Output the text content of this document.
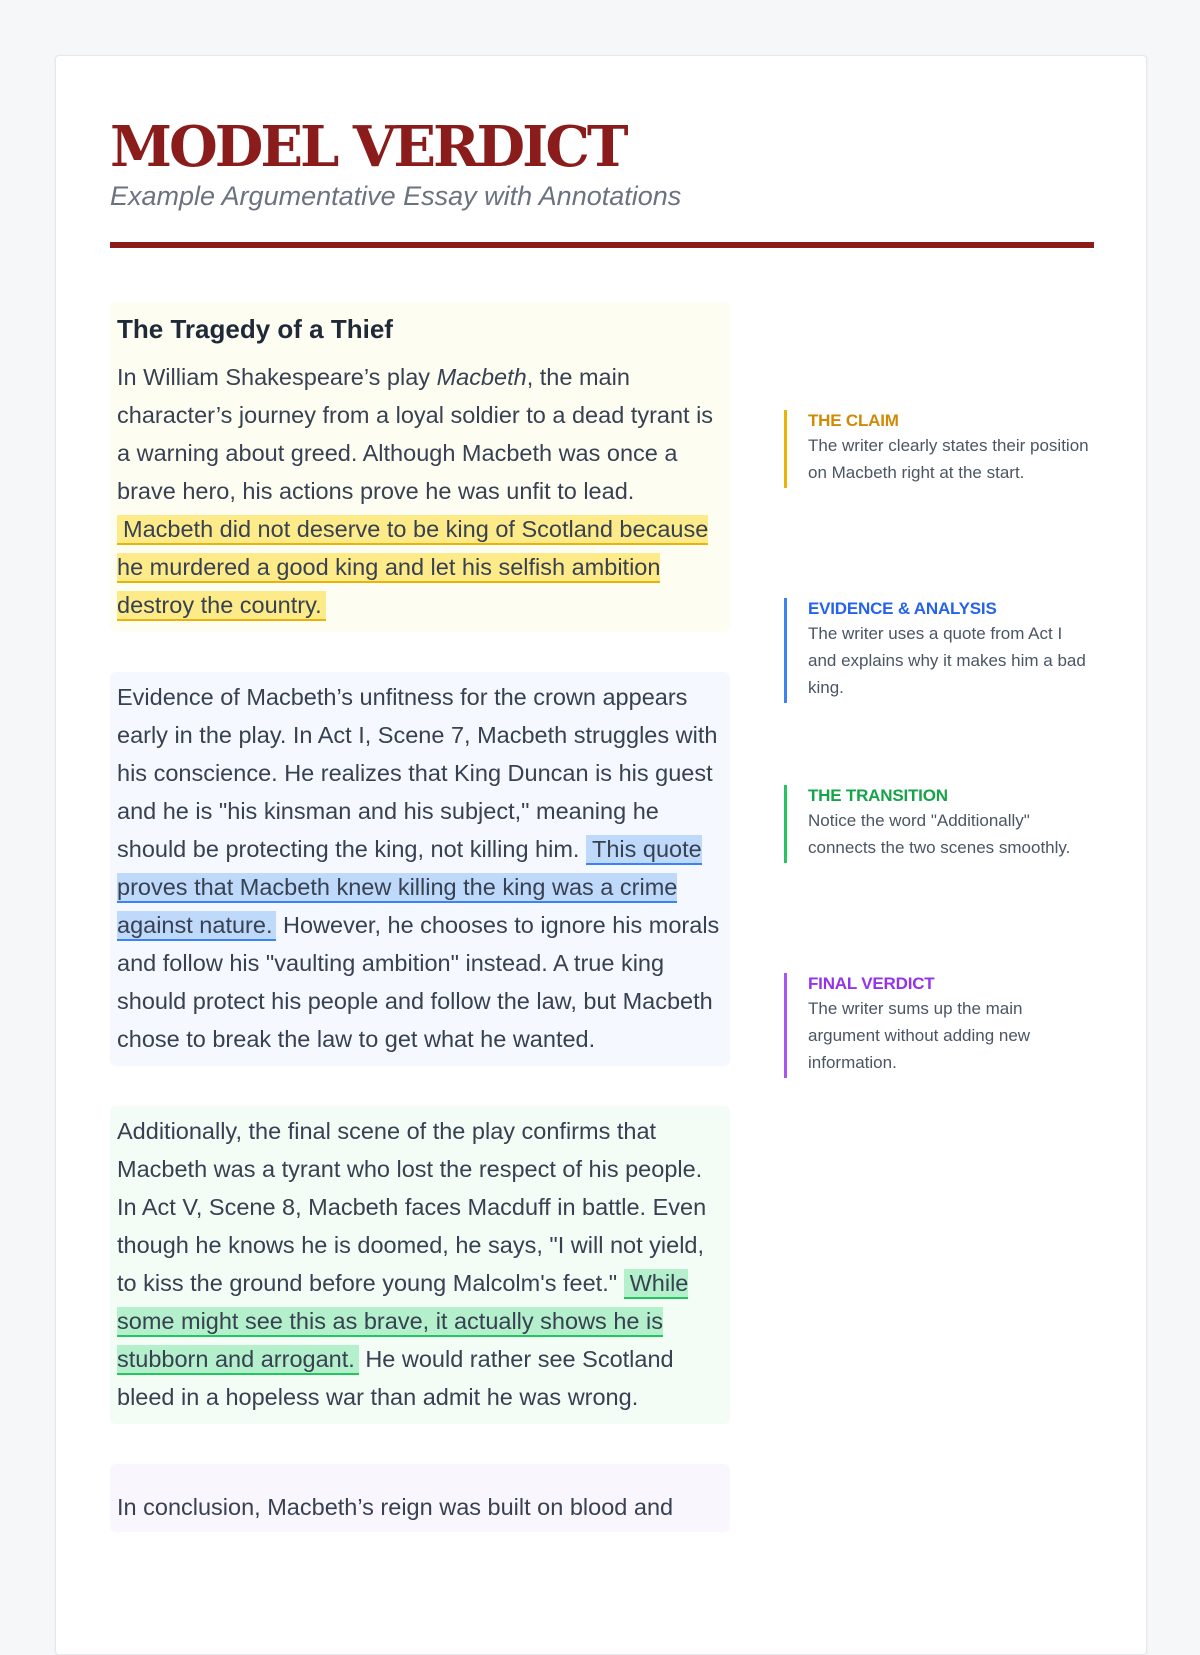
MODEL VERDICT
Example Argumentative Essay with Annotations
The Tragedy of a Thief
In William Shakespeare’s play Macbeth, the main character’s journey from a loyal soldier to a dead tyrant is a warning about greed. Although Macbeth was once a brave hero, his actions prove he was unfit to lead. Macbeth did not deserve to be king of Scotland because he murdered a good king and let his selfish ambition destroy the country.
Evidence of Macbeth’s unfitness for the crown appears early in the play. In Act I, Scene 7, Macbeth struggles with his conscience. He realizes that King Duncan is his guest and he is "his kinsman and his subject," meaning he should be protecting the king, not killing him. This quote proves that Macbeth knew killing the king was a crime against nature. However, he chooses to ignore his morals and follow his "vaulting ambition" instead. A true king should protect his people and follow the law, but Macbeth chose to break the law to get what he wanted.
Additionally, the final scene of the play confirms that Macbeth was a tyrant who lost the respect of his people. In Act V, Scene 8, Macbeth faces Macduff in battle. Even though he knows he is doomed, he says, "I will not yield, to kiss the ground before young Malcolm's feet." While some might see this as brave, it actually shows he is stubborn and arrogant. He would rather see Scotland bleed in a hopeless war than admit he was wrong.
In conclusion, Macbeth’s reign was built on blood and
THE CLAIM
The writer clearly states their position on Macbeth right at the start.
EVIDENCE & ANALYSIS
The writer uses a quote from Act I and explains why it makes him a bad king.
THE TRANSITION
Notice the word "Additionally" connects the two scenes smoothly.
FINAL VERDICT
The writer sums up the main argument without adding new information.
